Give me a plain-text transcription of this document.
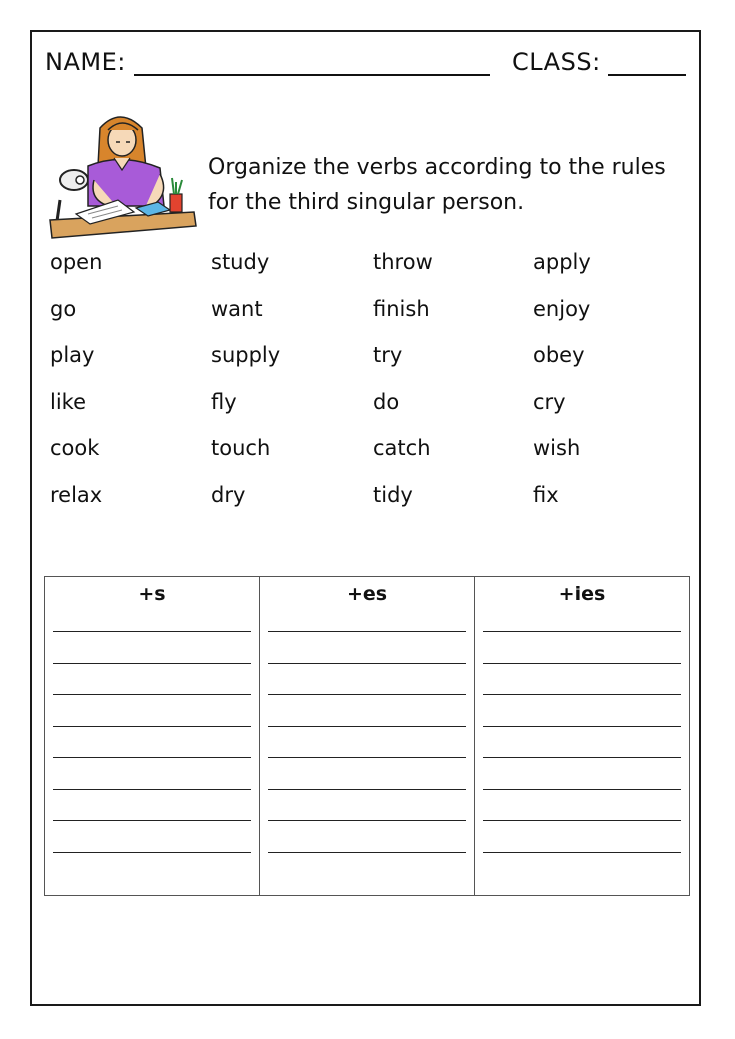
NAME:	CLASS:
Organize the verbs according to the rules for the third singular person.
open	study	throw	apply
go	want	finish	enjoy
play	supply	try	obey
like	fly	do	cry
cook	touch	catch	wish
relax	dry	tidy	fix
+s	+es	+ies
